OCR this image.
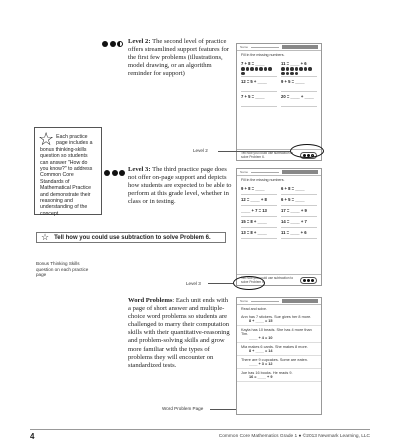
Level 2: The second level of practice offers streamlined support features for the first few problems (illustrations, model drawing, or an algorithm reminder for support)
☆ Each practice page includes a bonus thinking-skills question so students can answer "How do you know?" to address Common Core Standards of Mathematical Practice and demonstrate their reasoning and understanding of the concept.
Level 3: The third practice page does not offer on-page support and depicts how students are expected to be able to perform at this grade level, whether in class or in testing.
☆ Tell how you could use subtraction to solve Problem 6.
Bonus Thinking Skills question on each practice page
Name
Fill in the missing numbers.
7 + 8 = ____	11 = ____ + 6
12 = 5 + ____	9 + 5 = ____
7 + 5 = ____	20 = ____ + ____
Tell how you could use subtraction to solve Problem 6.
Level 2
Name
Fill in the missing numbers.
9 + 8 = ____	6 + 8 = ____
12 = ____ + 8	6 + 5 = ____
____ + 7 = 13	17 = ____ + 9
15 = 8 + ____	14 = ____ + 7
13 = 8 + ____	11 = ____ + 6
Tell how you could use subtraction to solve Problem 6.
Level 3
Word Problems: Each unit ends with a page of short answer and multiple-choice word problems so students are challenged to marry their computation skills with their quantitative-reasoning and problem-solving skills and grow more familiar with the types of problems they will encounter on standardized tests.
Name
Read and solve.
Ann has 7 stickers. Sue gives her 8 more.
8 + ____ = 15
Kayla has 10 beads. She has 4 more than Tim.
____ + 4 = 10
Mia makes 6 cards. She makes 8 more.
8 + ____ = 14
There are 9 cupcakes. Some are eaten.
____ + 3 = 12
Joe has 16 books. He reads 9.
16 = ____ + 9
Word Problem Page
4	Common Core Mathematics Grade 1 ● ©2013 Newmark Learning, LLC
